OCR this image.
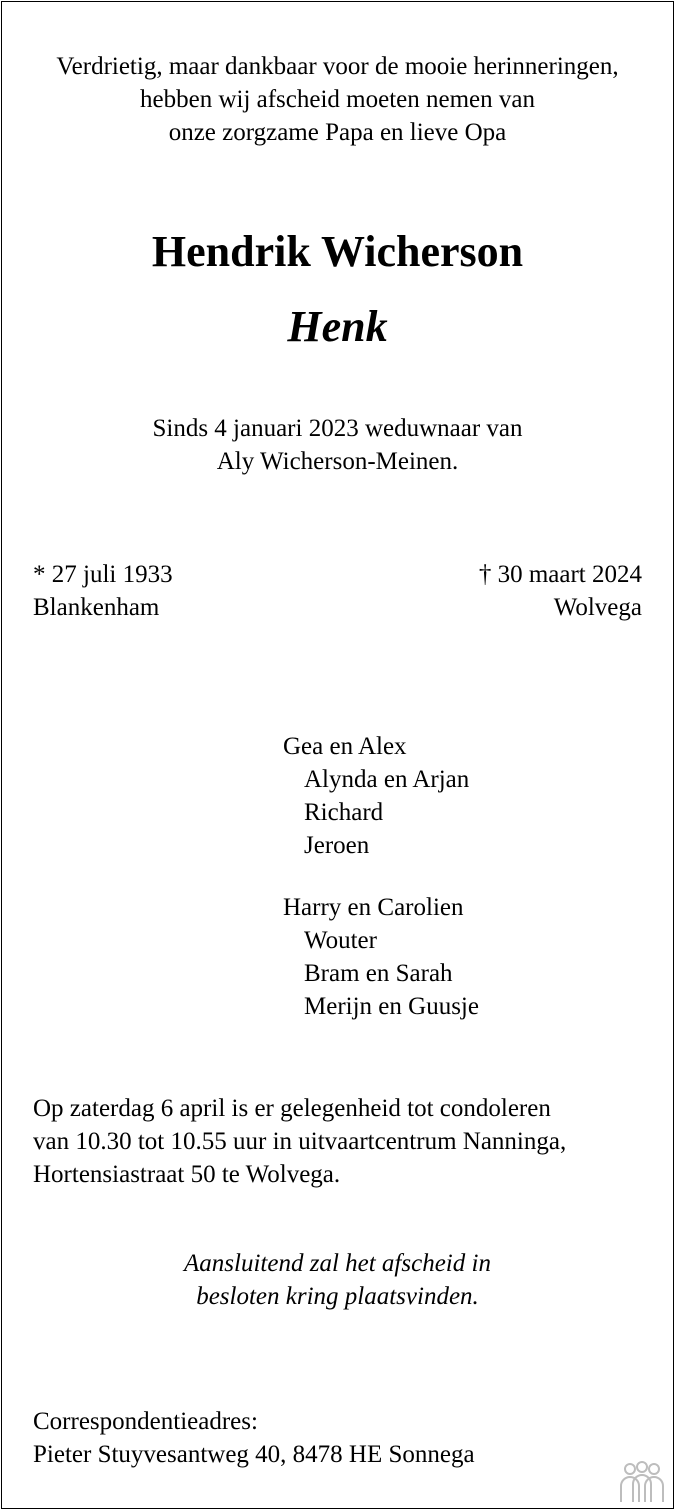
Verdrietig, maar dankbaar voor de mooie herinneringen,
hebben wij afscheid moeten nemen van
onze zorgzame Papa en lieve Opa
Hendrik Wicherson
Henk
Sinds 4 januari 2023 weduwnaar van
Aly Wicherson-Meinen.
* 27 juli 1933
Blankenham
† 30 maart 2024
Wolvega
Gea en Alex
Alynda en Arjan
Richard
Jeroen
Harry en Carolien
Wouter
Bram en Sarah
Merijn en Guusje
Op zaterdag 6 april is er gelegenheid tot condoleren
van 10.30 tot 10.55 uur in uitvaartcentrum Nanninga,
Hortensiastraat 50 te Wolvega.
Aansluitend zal het afscheid in
besloten kring plaatsvinden.
Correspondentieadres:
Pieter Stuyvesantweg 40, 8478 HE Sonnega
